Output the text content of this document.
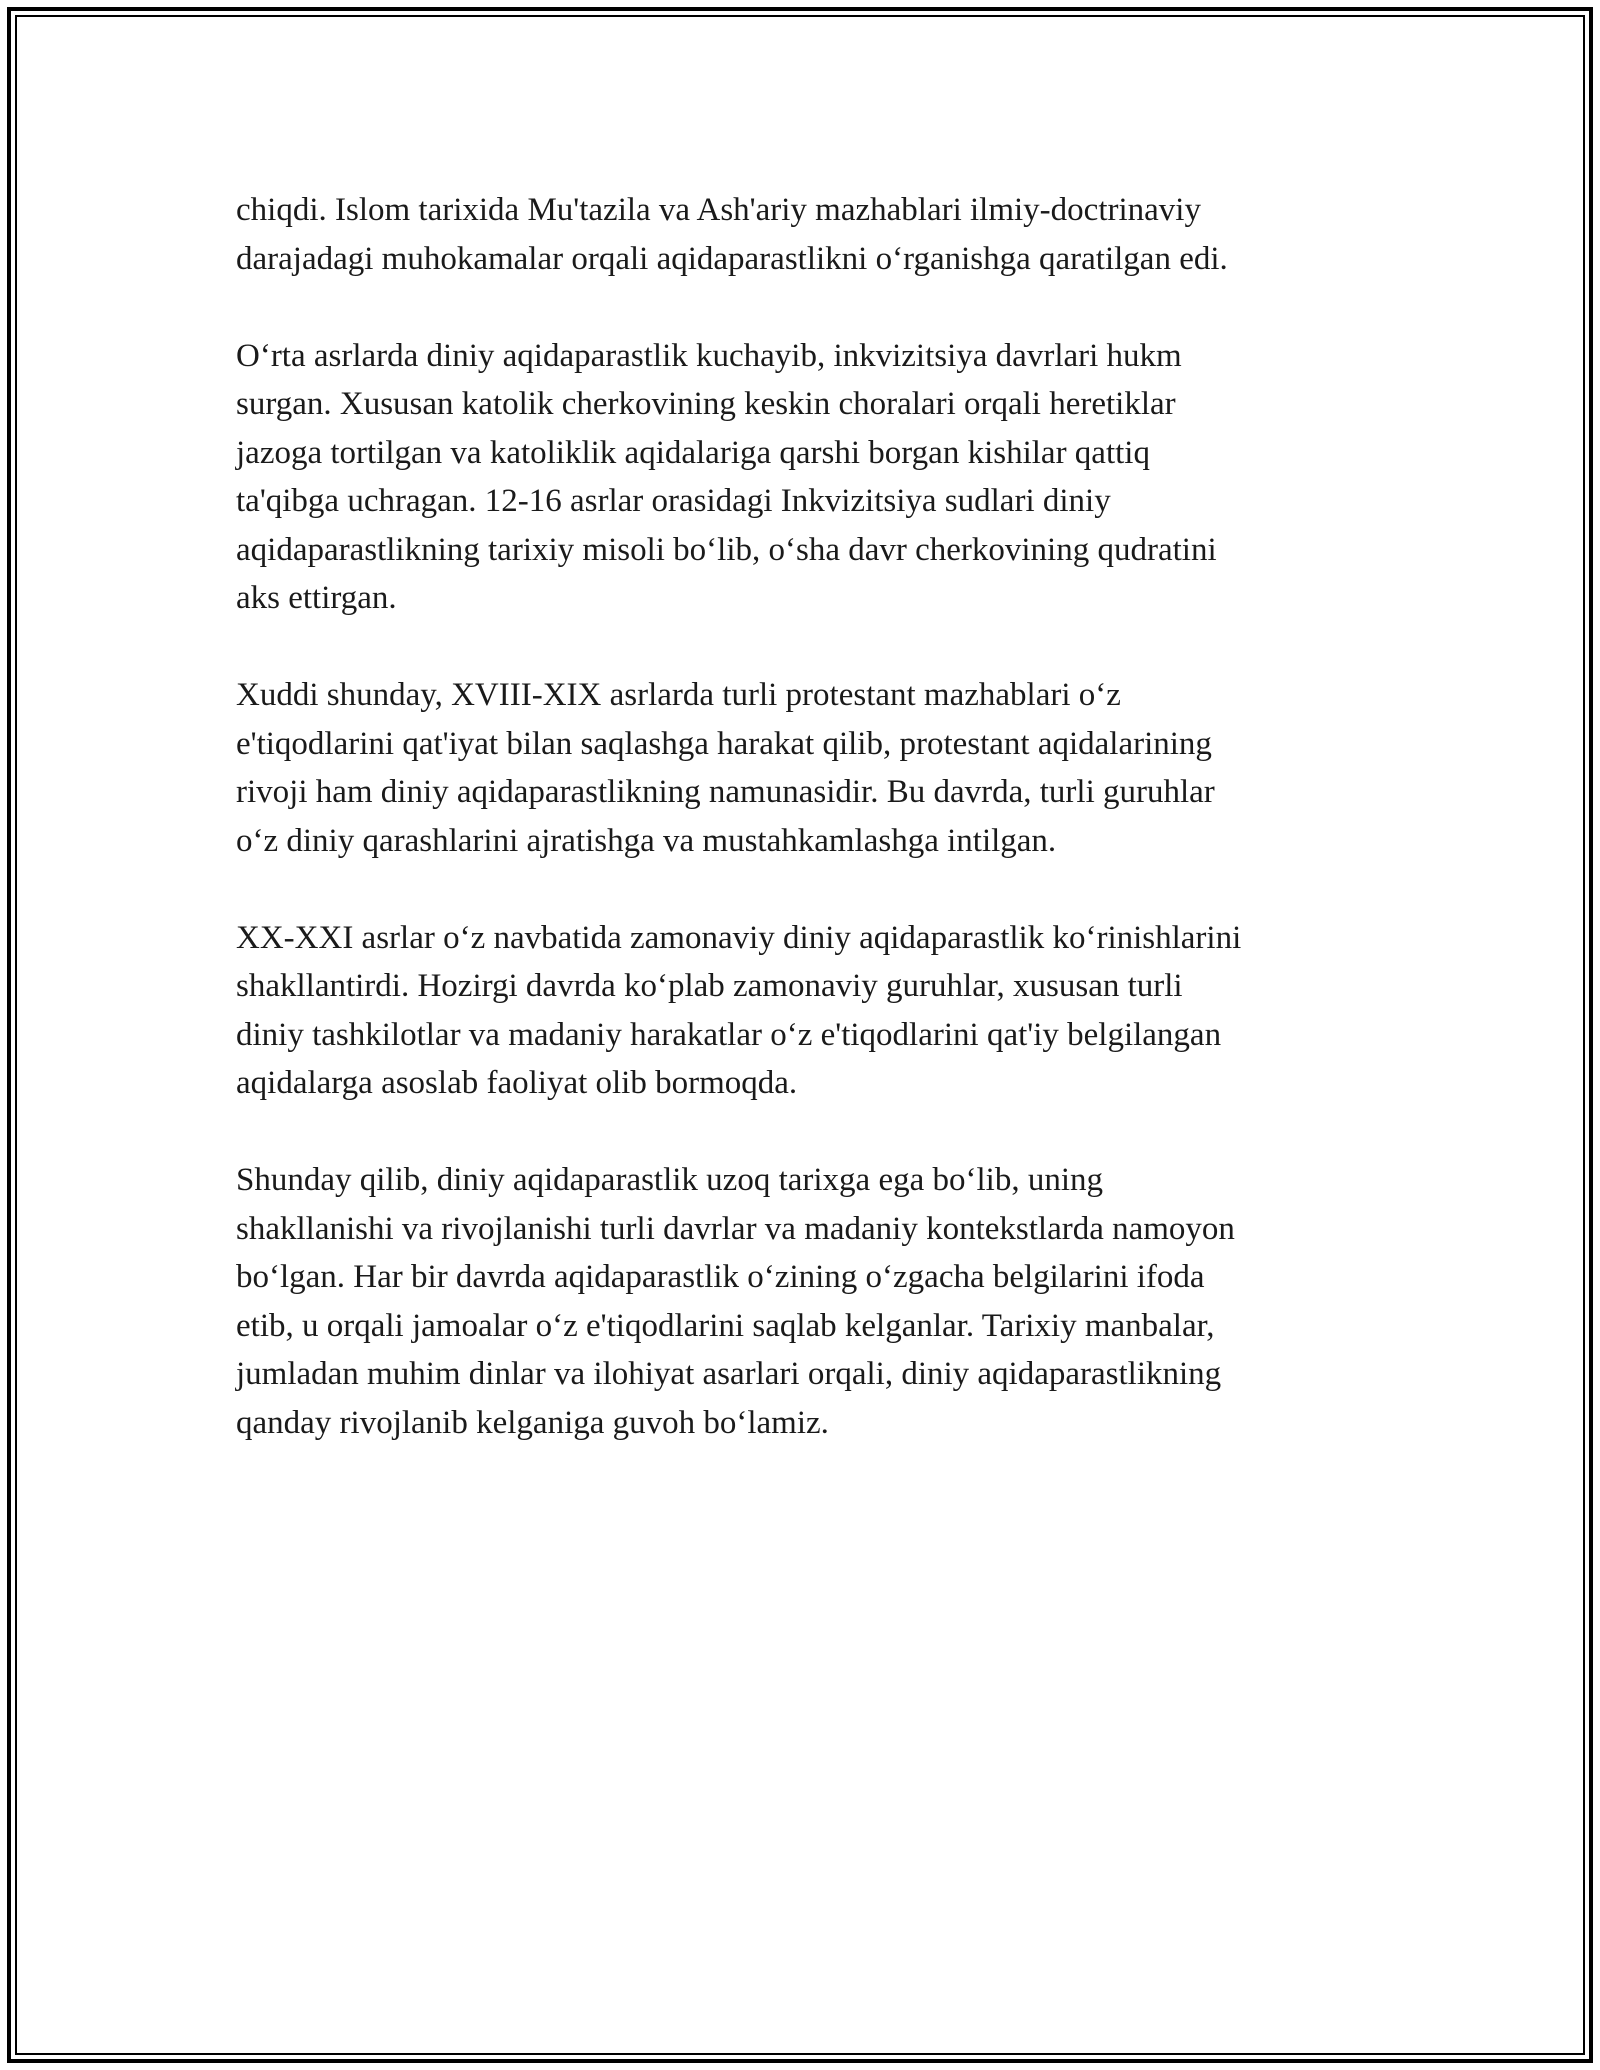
chiqdi. Islom tarixida Mu'tazila va Ash'ariy mazhablari ilmiy-doctrinaviy
darajadagi muhokamalar orqali aqidaparastlikni o‘rganishga qaratilgan edi.

O‘rta asrlarda diniy aqidaparastlik kuchayib, inkvizitsiya davrlari hukm
surgan. Xususan katolik cherkovining keskin choralari orqali heretiklar
jazoga tortilgan va katoliklik aqidalariga qarshi borgan kishilar qattiq
ta'qibga uchragan. 12-16 asrlar orasidagi Inkvizitsiya sudlari diniy
aqidaparastlikning tarixiy misoli bo‘lib, o‘sha davr cherkovining qudratini
aks ettirgan.

Xuddi shunday, XVIII-XIX asrlarda turli protestant mazhablari o‘z
e'tiqodlarini qat'iyat bilan saqlashga harakat qilib, protestant aqidalarining
rivoji ham diniy aqidaparastlikning namunasidir. Bu davrda, turli guruhlar
o‘z diniy qarashlarini ajratishga va mustahkamlashga intilgan.

XX-XXI asrlar o‘z navbatida zamonaviy diniy aqidaparastlik ko‘rinishlarini
shakllantirdi. Hozirgi davrda ko‘plab zamonaviy guruhlar, xususan turli
diniy tashkilotlar va madaniy harakatlar o‘z e'tiqodlarini qat'iy belgilangan
aqidalarga asoslab faoliyat olib bormoqda.

Shunday qilib, diniy aqidaparastlik uzoq tarixga ega bo‘lib, uning
shakllanishi va rivojlanishi turli davrlar va madaniy kontekstlarda namoyon
bo‘lgan. Har bir davrda aqidaparastlik o‘zining o‘zgacha belgilarini ifoda
etib, u orqali jamoalar o‘z e'tiqodlarini saqlab kelganlar. Tarixiy manbalar,
jumladan muhim dinlar va ilohiyat asarlari orqali, diniy aqidaparastlikning
qanday rivojlanib kelganiga guvoh bo‘lamiz.
